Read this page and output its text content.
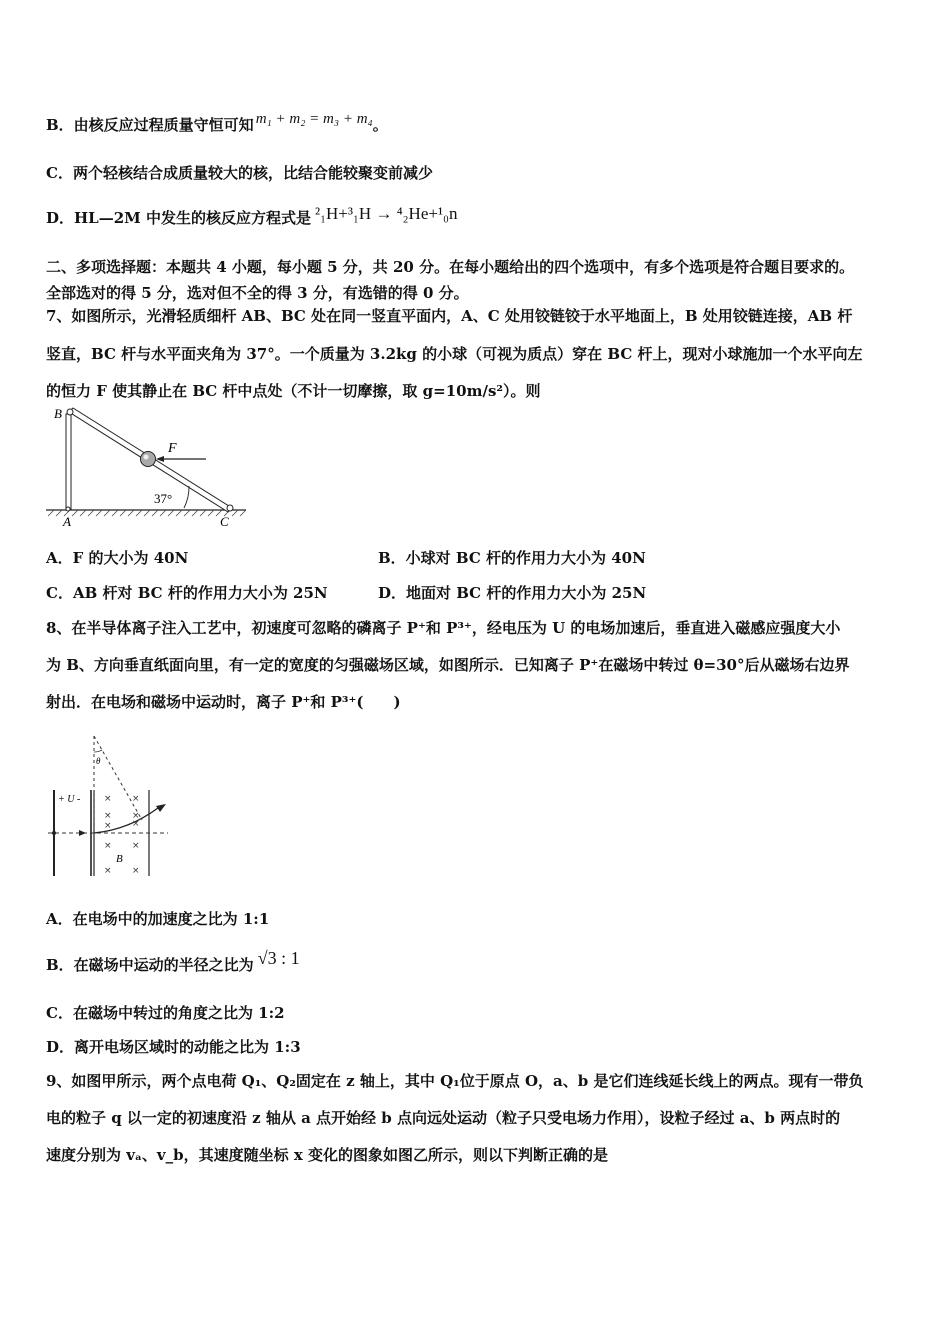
B．由核反应过程质量守恒可知 m₁ + m₂ = m₃ + m₄。
C．两个轻核结合成质量较大的核，比结合能较聚变前减少
D．HL—2M 中发生的核反应方程式是 ²₁H+³₁H → ⁴₂He+¹₀n
二、多项选择题：本题共 4 小题，每小题 5 分，共 20 分。在每小题给出的四个选项中，有多个选项是符合题目要求的。
全部选对的得 5 分，选对但不全的得 3 分，有选错的得 0 分。
7、如图所示，光滑轻质细杆 AB、BC 处在同一竖直平面内，A、C 处用铰链铰于水平地面上，B 处用铰链连接，AB 杆
竖直，BC 杆与水平面夹角为 37°。一个质量为 3.2kg 的小球（可视为质点）穿在 BC 杆上，现对小球施加一个水平向左
的恒力 F 使其静止在 BC 杆中点处（不计一切摩擦，取 g=10m/s²）。则
F
B
A	C
37°
A．F 的大小为 40N	B．小球对 BC 杆的作用力大小为 40N
C．AB 杆对 BC 杆的作用力大小为 25N	D．地面对 BC 杆的作用力大小为 25N
8、在半导体离子注入工艺中，初速度可忽略的磷离子 P⁺和 P³⁺，经电压为 U 的电场加速后，垂直进入磁感应强度大小
为 B、方向垂直纸面向里，有一定的宽度的匀强磁场区域，如图所示．已知离子 P⁺在磁场中转过 θ=30°后从磁场右边界
射出．在电场和磁场中运动时，离子 P⁺和 P³⁺(　　)
+ U -
θ
B
× ×
× ×
× ×
× ×
× ×
A．在电场中的加速度之比为 1:1
B．在磁场中运动的半径之比为 √3 : 1
C．在磁场中转过的角度之比为 1:2
D．离开电场区域时的动能之比为 1:3
9、如图甲所示，两个点电荷 Q₁、Q₂固定在 z 轴上，其中 Q₁位于原点 O，a、b 是它们连线延长线上的两点。现有一带负
电的粒子 q 以一定的初速度沿 z 轴从 a 点开始经 b 点向远处运动（粒子只受电场力作用），设粒子经过 a、b 两点时的
速度分别为 vₐ、v_b，其速度随坐标 x 变化的图象如图乙所示，则以下判断正确的是
